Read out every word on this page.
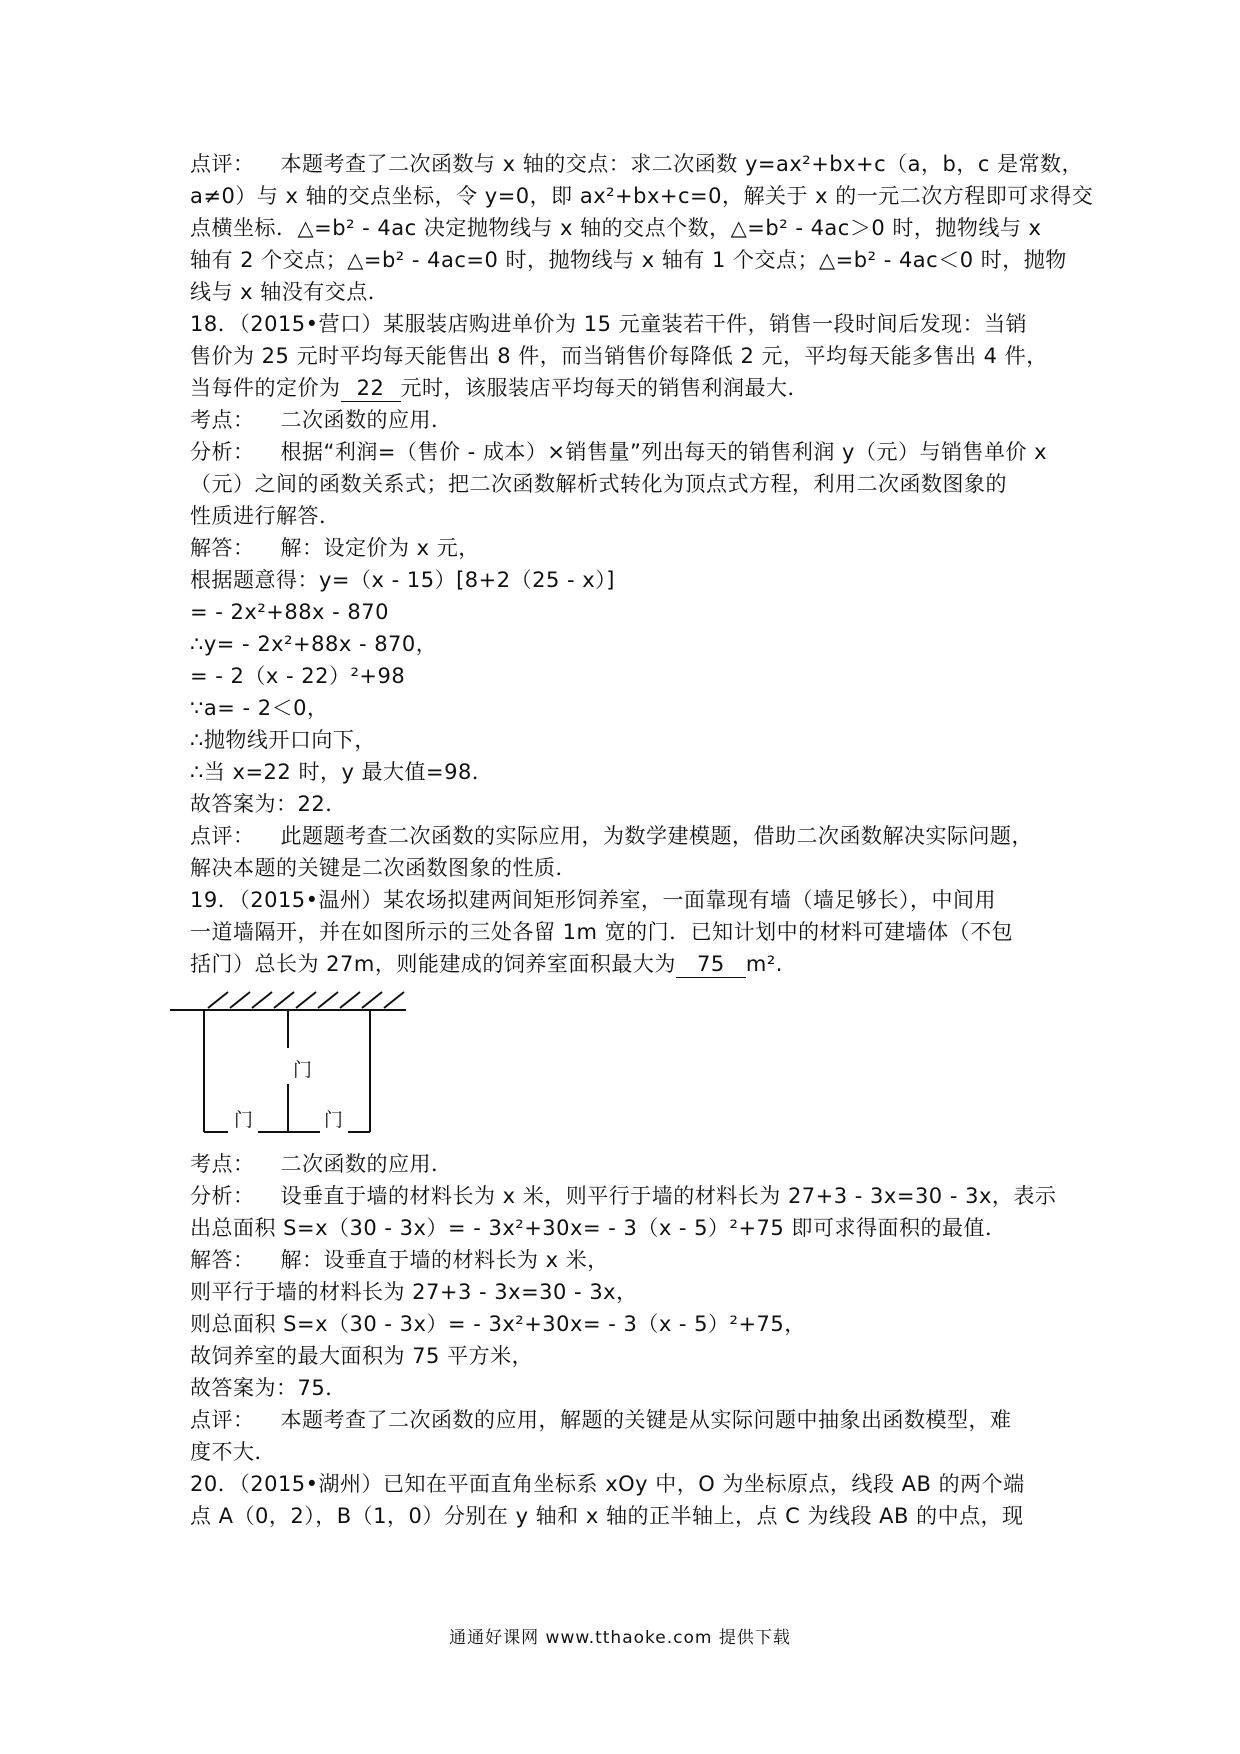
点评： 本题考查了二次函数与 x 轴的交点：求二次函数 y=ax²+bx+c（a，b，c 是常数，
a≠0）与 x 轴的交点坐标，令 y=0，即 ax²+bx+c=0，解关于 x 的一元二次方程即可求得交
点横坐标．△=b² - 4ac 决定抛物线与 x 轴的交点个数，△=b² - 4ac＞0 时，抛物线与 x
轴有 2 个交点；△=b² - 4ac=0 时，抛物线与 x 轴有 1 个交点；△=b² - 4ac＜0 时，抛物
线与 x 轴没有交点．
18．（2015•营口）某服装店购进单价为 15 元童装若干件，销售一段时间后发现：当销
售价为 25 元时平均每天能售出 8 件，而当销售价每降低 2 元，平均每天能多售出 4 件，
当每件的定价为 22 元时，该服装店平均每天的销售利润最大．
考点： 二次函数的应用．
分析： 根据“利润=（售价 - 成本）×销售量”列出每天的销售利润 y（元）与销售单价 x
（元）之间的函数关系式；把二次函数解析式转化为顶点式方程，利用二次函数图象的
性质进行解答．
解答： 解：设定价为 x 元，
根据题意得：y=（x - 15）[8+2（25 - x）]
= - 2x²+88x - 870
∴y= - 2x²+88x - 870，
= - 2（x - 22）²+98
∵a= - 2＜0，
∴抛物线开口向下，
∴当 x=22 时，y 最大值=98．
故答案为：22．
点评： 此题题考查二次函数的实际应用，为数学建模题，借助二次函数解决实际问题，
解决本题的关键是二次函数图象的性质．
19．（2015•温州）某农场拟建两间矩形饲养室，一面靠现有墙（墙足够长），中间用
一道墙隔开，并在如图所示的三处各留 1m 宽的门．已知计划中的材料可建墙体（不包
括门）总长为 27m，则能建成的饲养室面积最大为 75 m².
门
门	门
考点： 二次函数的应用．
分析： 设垂直于墙的材料长为 x 米，则平行于墙的材料长为 27+3 - 3x=30 - 3x，表示
出总面积 S=x（30 - 3x）= - 3x²+30x= - 3（x - 5）²+75 即可求得面积的最值．
解答： 解：设垂直于墙的材料长为 x 米，
则平行于墙的材料长为 27+3 - 3x=30 - 3x，
则总面积 S=x（30 - 3x）= - 3x²+30x= - 3（x - 5）²+75，
故饲养室的最大面积为 75 平方米，
故答案为：75．
点评： 本题考查了二次函数的应用，解题的关键是从实际问题中抽象出函数模型，难
度不大．
20．（2015•湖州）已知在平面直角坐标系 xOy 中，O 为坐标原点，线段 AB 的两个端
点 A（0，2），B（1，0）分别在 y 轴和 x 轴的正半轴上，点 C 为线段 AB 的中点，现
通通好课网 www.tthaoke.com 提供下载
